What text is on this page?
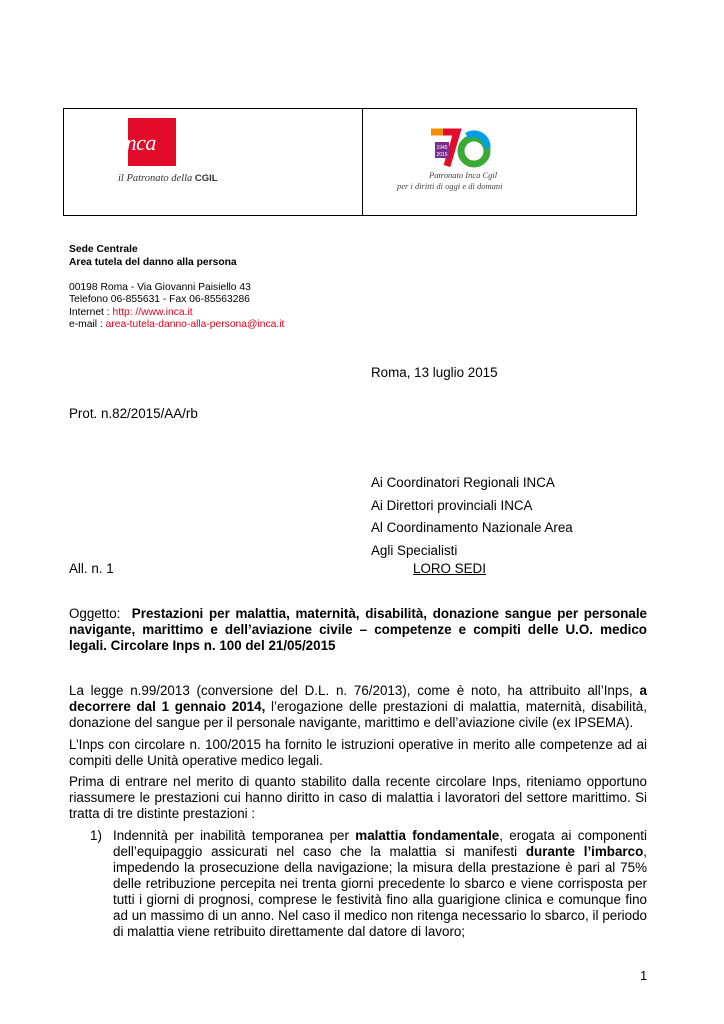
inca
il Patronato della CGIL
1945
2015
Patronato Inca Cgil
per i diritti di oggi e di domani
Sede Centrale
Area tutela del danno alla persona
00198 Roma - Via Giovanni Paisiello 43
Telefono 06-855631 - Fax 06-85563286
Internet : http: //www.inca.it
e-mail : area-tutela-danno-alla-persona@inca.it
Roma, 13 luglio 2015
Prot. n.82/2015/AA/rb
Ai Coordinatori Regionali INCA
Ai Direttori provinciali INCA
Al Coordinamento Nazionale Area
Agli Specialisti
All. n. 1	LORO SEDI
Oggetto: Prestazioni per malattia, maternità, disabilità, donazione sangue per personale
navigante, marittimo e dell’aviazione civile – competenze e compiti delle U.O. medico
legali. Circolare Inps n. 100 del 21/05/2015
La legge n.99/2013 (conversione del D.L. n. 76/2013), come è noto, ha attribuito all’Inps, a
decorrere dal 1 gennaio 2014, l’erogazione delle prestazioni di malattia, maternità, disabilità,
donazione del sangue per il personale navigante, marittimo e dell’aviazione civile (ex IPSEMA).
L’Inps con circolare n. 100/2015 ha fornito le istruzioni operative in merito alle competenze ad ai
compiti delle Unità operative medico legali.
Prima di entrare nel merito di quanto stabilito dalla recente circolare Inps, riteniamo opportuno
riassumere le prestazioni cui hanno diritto in caso di malattia i lavoratori del settore marittimo. Si
tratta di tre distinte prestazioni :
1) Indennità per inabilità temporanea per malattia fondamentale, erogata ai componenti
dell’equipaggio assicurati nel caso che la malattia si manifesti durante l’imbarco,
impedendo la prosecuzione della navigazione; la misura della prestazione è pari al 75%
delle retribuzione percepita nei trenta giorni precedente lo sbarco e viene corrisposta per
tutti i giorni di prognosi, comprese le festività fino alla guarigione clinica e comunque fino
ad un massimo di un anno. Nel caso il medico non ritenga necessario lo sbarco, il periodo
di malattia viene retribuito direttamente dal datore di lavoro;
1
